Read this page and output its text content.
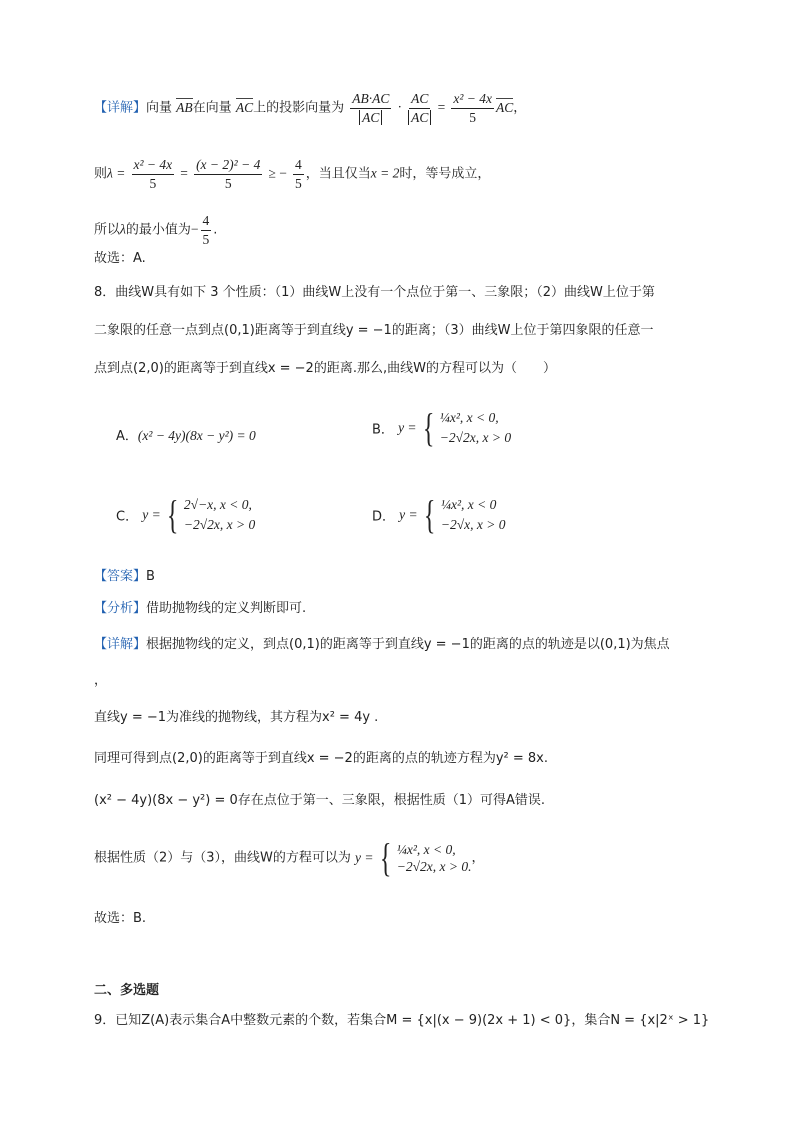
【详解】向量 AB在向量 AC上的投影向量为 $\frac{AB\cdot AC}{AC} \cdot \frac{AC}{AC} = \frac{\text{x² − 4x}}{5}$ AC，
则$\lambda = \frac{\text{x² − 4x}}{5} = \frac{\text{(x − 2)² − 4}}{5}$ ≥ − $\frac{4}{5}$ ，当且仅当x = 2时，等号成立，
所以λ的最小值为− $\frac{4}{5}$ .
故选：A.
8．曲线W具有如下 3 个性质：（1）曲线W上没有一个点位于第一、三象限；（2）曲线W上位于第
二象限的任意一点到点(0,1)距离等于到直线y = −1的距离；（3）曲线W上位于第四象限的任意一
点到点(2,0)的距离等于到直线x = −2的距离.那么,曲线W的方程可以为（　　）
A．(x² − 4y)(8x − y²) = 0	B． y = { ¼x², x < 0,
−2√2x, x > 0
C． y = { 2√−x, x < 0,
−2√2x, x > 0	D． y = { ¼x², x < 0
−2√x, x > 0
【答案】B
【分析】借助抛物线的定义判断即可.
【详解】根据抛物线的定义，到点(0,1)的距离等于到直线y = −1的距离的点的轨迹是以(0,1)为焦点
，
直线y = −1为准线的抛物线，其方程为x² = 4y .
同理可得到点(2,0)的距离等于到直线x = −2的距离的点的轨迹方程为y² = 8x.
(x² − 4y)(8x − y²) = 0存在点位于第一、三象限，根据性质（1）可得A错误.
根据性质（2）与（3），曲线W的方程可以为 y = { ¼x², x < 0,
−2√2x, x > 0.
，
故选：B.
二、多选题
9．已知Z(A)表示集合A中整数元素的个数，若集合M = {x|(x − 9)(2x + 1) < 0}，集合N = {x|2ˣ > 1}
